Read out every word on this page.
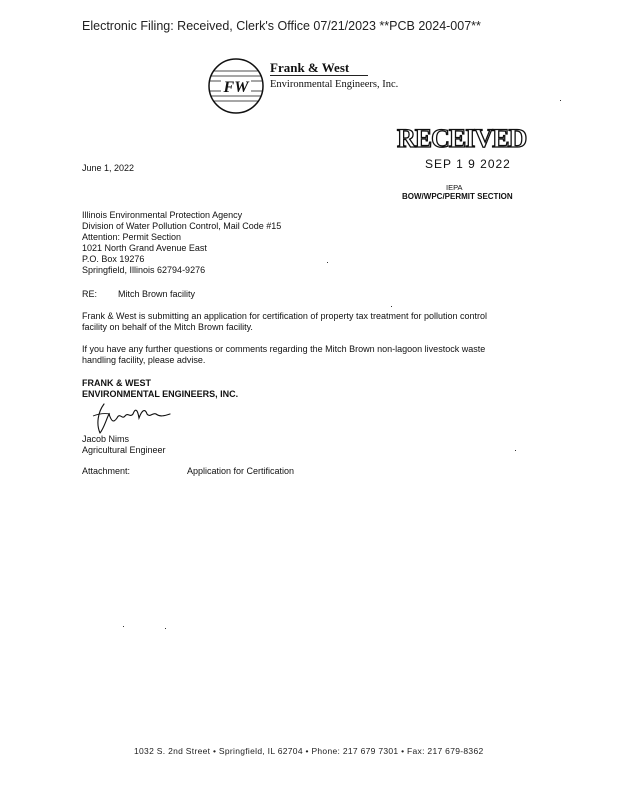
Electronic Filing: Received, Clerk's Office 07/21/2023 **PCB 2024-007**
FW
Frank & West
Environmental Engineers, Inc.
RECEIVED
SEP 1 9 2022
IEPA
BOW/WPC/PERMIT SECTION
June 1, 2022
Illinois Environmental Protection Agency
Division of Water Pollution Control, Mail Code #15
Attention: Permit Section
1021 North Grand Avenue East
P.O. Box 19276
Springfield, Illinois 62794-9276
RE: Mitch Brown facility
Frank & West is submitting an application for certification of property tax treatment for pollution control
facility on behalf of the Mitch Brown facility.
If you have any further questions or comments regarding the Mitch Brown non-lagoon livestock waste
handling facility, please advise.
FRANK & WEST
ENVIRONMENTAL ENGINEERS, INC.
Jacob Nims
Agricultural Engineer
Attachment:	Application for Certification
1032 S. 2nd Street • Springfield, IL 62704 • Phone: 217 679 7301 • Fax: 217 679-8362
